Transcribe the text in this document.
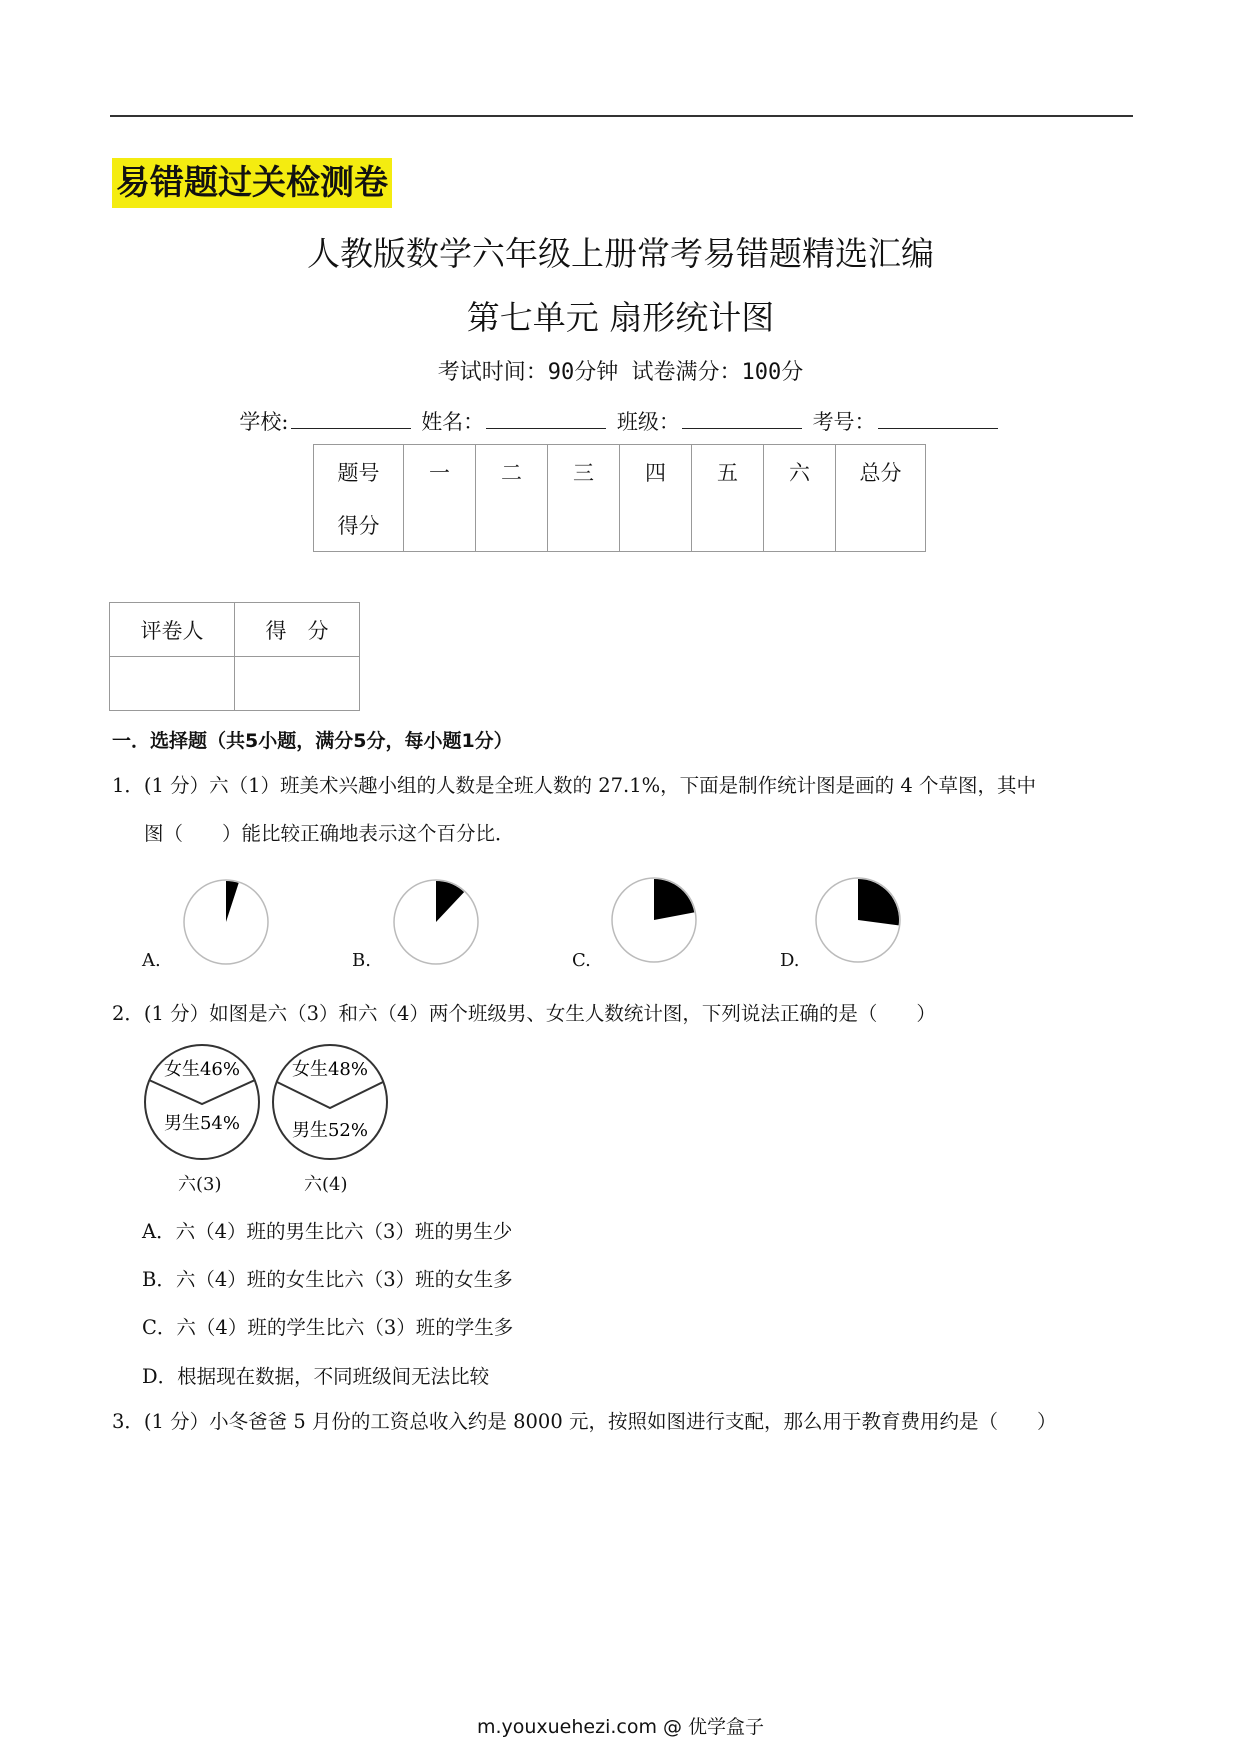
易错题过关检测卷
人教版数学六年级上册常考易错题精选汇编
第七单元 扇形统计图
考试时间：90分钟 试卷满分：100分
学校:	姓名：	班级：	考号：
题号	一	二	三	四	五	六	总分
得分							
评卷人	得　分

一．选择题（共5小题，满分5分，每小题1分）
1．(1 分）六（1）班美术兴趣小组的人数是全班人数的 27.1%，下面是制作统计图是画的 4 个草图，其中
图（　　）能比较正确地表示这个百分比．
A.	B.	C.	D.
2．(1 分）如图是六（3）和六（4）两个班级男、女生人数统计图，下列说法正确的是（　　）
女生46%
男生54%
女生48%
男生52%
六(3)	六(4)
A．六（4）班的男生比六（3）班的男生少
B．六（4）班的女生比六（3）班的女生多
C．六（4）班的学生比六（3）班的学生多
D．根据现在数据，不同班级间无法比较
3．(1 分）小冬爸爸 5 月份的工资总收入约是 8000 元，按照如图进行支配，那么用于教育费用约是（　　）
m.youxuehezi.com @ 优学盒子
